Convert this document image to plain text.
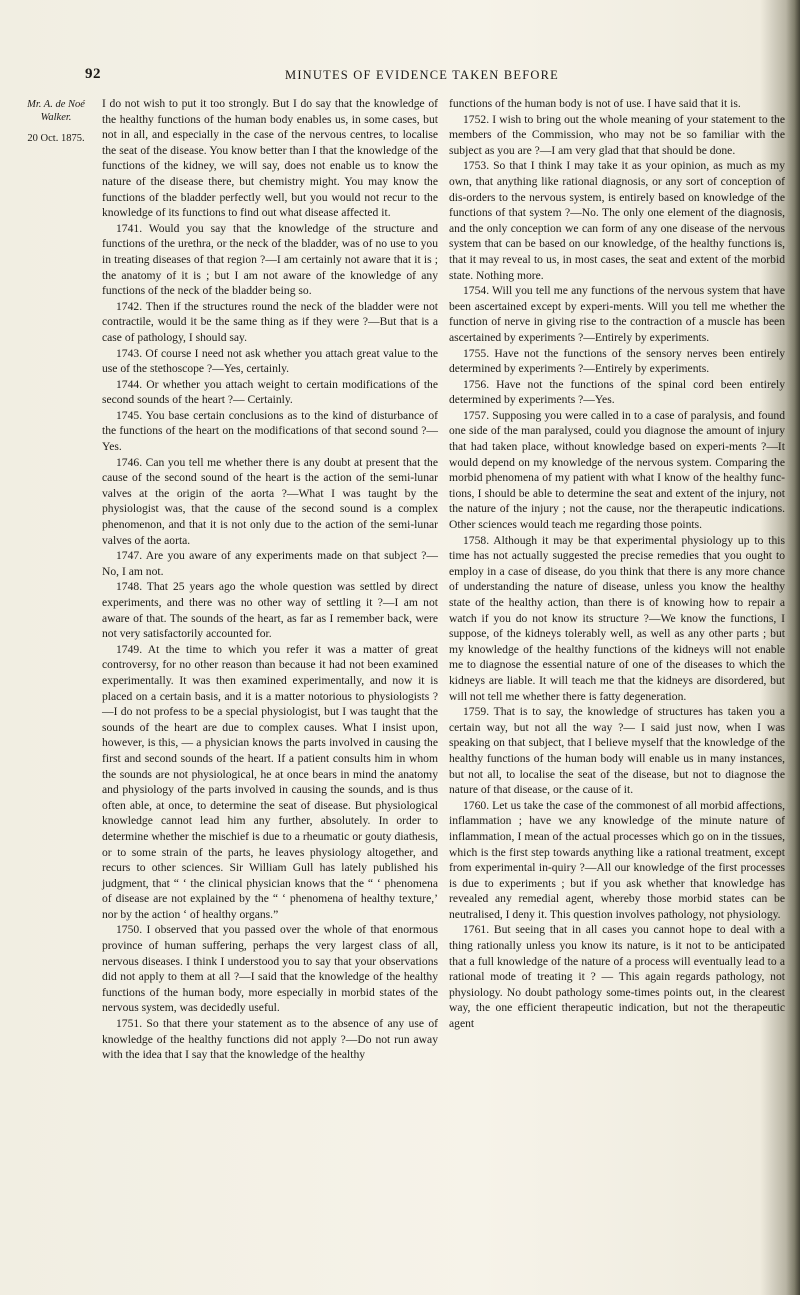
92	MINUTES OF EVIDENCE TAKEN BEFORE
Mr. A. de Noé Walker.
20 Oct. 1875.

I do not wish to put it too strongly. But I do say that the knowledge of the healthy functions of the human body enables us, in some cases, but not in all, and especially in the case of the nervous centres, to localise the seat of the disease. You know better than I that the knowledge of the functions of the kidney, we will say, does not enable us to know the nature of the disease there, but chemistry might. You may know the functions of the bladder perfectly well, but you would not recur to the knowledge of its functions to find out what disease affected it.

1741. Would you say that the knowledge of the structure and functions of the urethra, or the neck of the bladder, was of no use to you in treating diseases of that region ?—I am certainly not aware that it is ; the anatomy of it is ; but I am not aware of the knowledge of any functions of the neck of the bladder being so.

1742. Then if the structures round the neck of the bladder were not contractile, would it be the same thing as if they were ?—But that is a case of pathology, I should say.

1743. Of course I need not ask whether you attach great value to the use of the stethoscope ?—Yes, certainly.

1744. Or whether you attach weight to certain modifications of the second sounds of the heart ?— Certainly.

1745. You base certain conclusions as to the kind of disturbance of the functions of the heart on the modifications of that second sound ?—Yes.

1746. Can you tell me whether there is any doubt at present that the cause of the second sound of the heart is the action of the semi-lunar valves at the origin of the aorta ?—What I was taught by the physiologist was, that the cause of the second sound is a complex phenomenon, and that it is not only due to the action of the semi-lunar valves of the aorta.

1747. Are you aware of any experiments made on that subject ?—No, I am not.

1748. That 25 years ago the whole question was settled by direct experiments, and there was no other way of settling it ?—I am not aware of that. The sounds of the heart, as far as I remember back, were not very satisfactorily accounted for.

1749. At the time to which you refer it was a matter of great controversy, for no other reason than because it had not been examined experimentally. It was then examined experimentally, and now it is placed on a certain basis, and it is a matter notorious to physiologists ?—I do not profess to be a special physiologist, but I was taught that the sounds of the heart are due to complex causes. What I insist upon, however, is this, — a physician knows the parts involved in causing the first and second sounds of the heart. If a patient consults him in whom the sounds are not physiological, he at once bears in mind the anatomy and physiology of the parts involved in causing the sounds, and is thus often able, at once, to determine the seat of disease. But physiological knowledge cannot lead him any further, absolutely. In order to determine whether the mischief is due to a rheumatic or gouty diathesis, or to some strain of the parts, he leaves physiology altogether, and recurs to other sciences. Sir William Gull has lately published his judgment, that “ ‘ the clinical physician knows that the “ ‘ phenomena of disease are not explained by the “ ‘ phenomena of healthy texture,’ nor by the action ‘ of healthy organs.”

1750. I observed that you passed over the whole of that enormous province of human suffering, perhaps the very largest class of all, nervous diseases. I think I understood you to say that your observations did not apply to them at all ?—I said that the knowledge of the healthy functions of the human body, more especially in morbid states of the nervous system, was decidedly useful.

1751. So that there your statement as to the absence of any use of knowledge of the healthy functions did not apply ?—Do not run away with the idea that I say that the knowledge of the healthy

functions of the human body is not of use. I have said that it is.

1752. I wish to bring out the whole meaning of your statement to the members of the Commission, who may not be so familiar with the subject as you are ?—I am very glad that that should be done.

1753. So that I think I may take it as your opinion, as much as my own, that anything like rational diagnosis, or any sort of conception of dis-orders to the nervous system, is entirely based on knowledge of the functions of that system ?—No. The only one element of the diagnosis, and the only conception we can form of any one disease of the nervous system that can be based on our knowledge, of the healthy functions is, that it may reveal to us, in most cases, the seat and extent of the morbid state. Nothing more.

1754. Will you tell me any functions of the nervous system that have been ascertained except by experi-ments. Will you tell me whether the function of nerve in giving rise to the contraction of a muscle has been ascertained by experiments ?—Entirely by experiments.

1755. Have not the functions of the sensory nerves been entirely determined by experiments ?—Entirely by experiments.

1756. Have not the functions of the spinal cord been entirely determined by experiments ?—Yes.

1757. Supposing you were called in to a case of paralysis, and found one side of the man paralysed, could you diagnose the amount of injury that had taken place, without knowledge based on experi-ments ?—It would depend on my knowledge of the nervous system. Comparing the morbid phenomena of my patient with what I know of the healthy func-tions, I should be able to determine the seat and extent of the injury, not the nature of the injury ; not the cause, nor the therapeutic indications. Other sciences would teach me regarding those points.

1758. Although it may be that experimental physiology up to this time has not actually suggested the precise remedies that you ought to employ in a case of disease, do you think that there is any more chance of understanding the nature of disease, unless you know the healthy state of the healthy action, than there is of knowing how to repair a watch if you do not know its structure ?—We know the functions, I suppose, of the kidneys tolerably well, as well as any other parts ; but my knowledge of the healthy functions of the kidneys will not enable me to diagnose the essential nature of one of the diseases to which the kidneys are liable. It will teach me that the kidneys are disordered, but will not tell me whether there is fatty degeneration.

1759. That is to say, the knowledge of structures has taken you a certain way, but not all the way ?— I said just now, when I was speaking on that subject, that I believe myself that the knowledge of the healthy functions of the human body will enable us in many instances, but not all, to localise the seat of the disease, but not to diagnose the nature of that disease, or the cause of it.

1760. Let us take the case of the commonest of all morbid affections, inflammation ; have we any knowledge of the minute nature of inflammation, I mean of the actual processes which go on in the tissues, which is the first step towards anything like a rational treatment, except from experimental in-quiry ?—All our knowledge of the first processes is due to experiments ; but if you ask whether that knowledge has revealed any remedial agent, whereby those morbid states can be neutralised, I deny it. This question involves pathology, not physiology.

1761. But seeing that in all cases you cannot hope to deal with a thing rationally unless you know its nature, is it not to be anticipated that a full knowledge of the nature of a process will eventually lead to a rational mode of treating it ? — This again regards pathology, not physiology. No doubt pathology some-times points out, in the clearest way, the one efficient therapeutic indication, but not the therapeutic agent
